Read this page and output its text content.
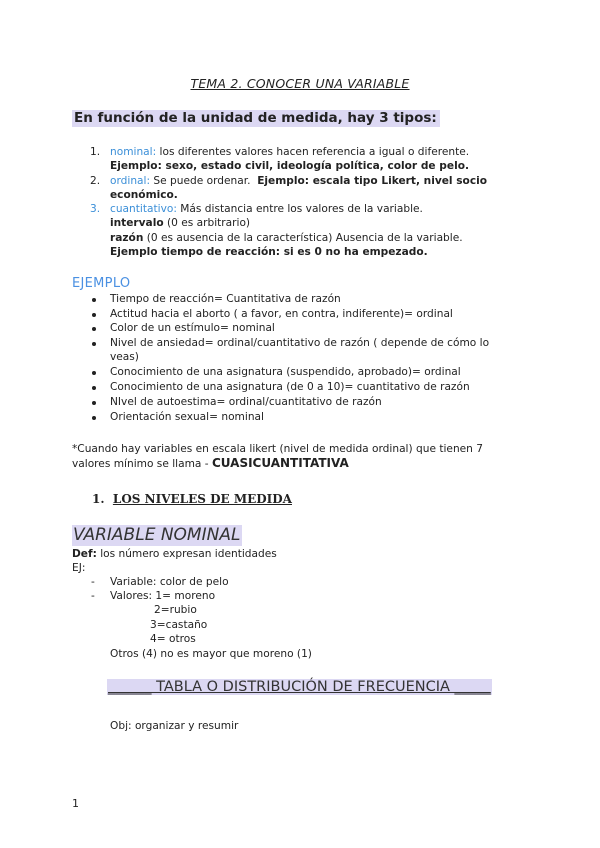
TEMA 2. CONOCER UNA VARIABLE
En función de la unidad de medida, hay 3 tipos:
1. nominal: los diferentes valores hacen referencia a igual o diferente.
Ejemplo: sexo, estado civil, ideología política, color de pelo.
2. ordinal: Se puede ordenar.  Ejemplo: escala tipo Likert, nivel socio
económico.
3. cuantitativo: Más distancia entre los valores de la variable.
intervalo (0 es arbitrario)
razón (0 es ausencia de la característica) Ausencia de la variable.
Ejemplo tiempo de reacción: si es 0 no ha empezado.
EJEMPLO
Tiempo de reacción= Cuantitativa de razón
Actitud hacia el aborto ( a favor, en contra, indiferente)= ordinal
Color de un estímulo= nominal
Nivel de ansiedad= ordinal/cuantitativo de razón ( depende de cómo lo
veas)
Conocimiento de una asignatura (suspendido, aprobado)= ordinal
Conocimiento de una asignatura (de 0 a 10)= cuantitativo de razón
NIvel de autoestima= ordinal/cuantitativo de razón
Orientación sexual= nominal
*Cuando hay variables en escala likert (nivel de medida ordinal) que tienen 7
valores mínimo se llama - CUASICUANTITATIVA
1. LOS NIVELES DE MEDIDA
VARIABLE NOMINAL
Def: los número expresan identidades
EJ:
- Variable: color de pelo
- Valores: 1= moreno
2=rubio
3=castaño
4= otros
Otros (4) no es mayor que moreno (1)
______ TABLA O DISTRIBUCIÓN DE FRECUENCIA _____
Obj: organizar y resumir
1
